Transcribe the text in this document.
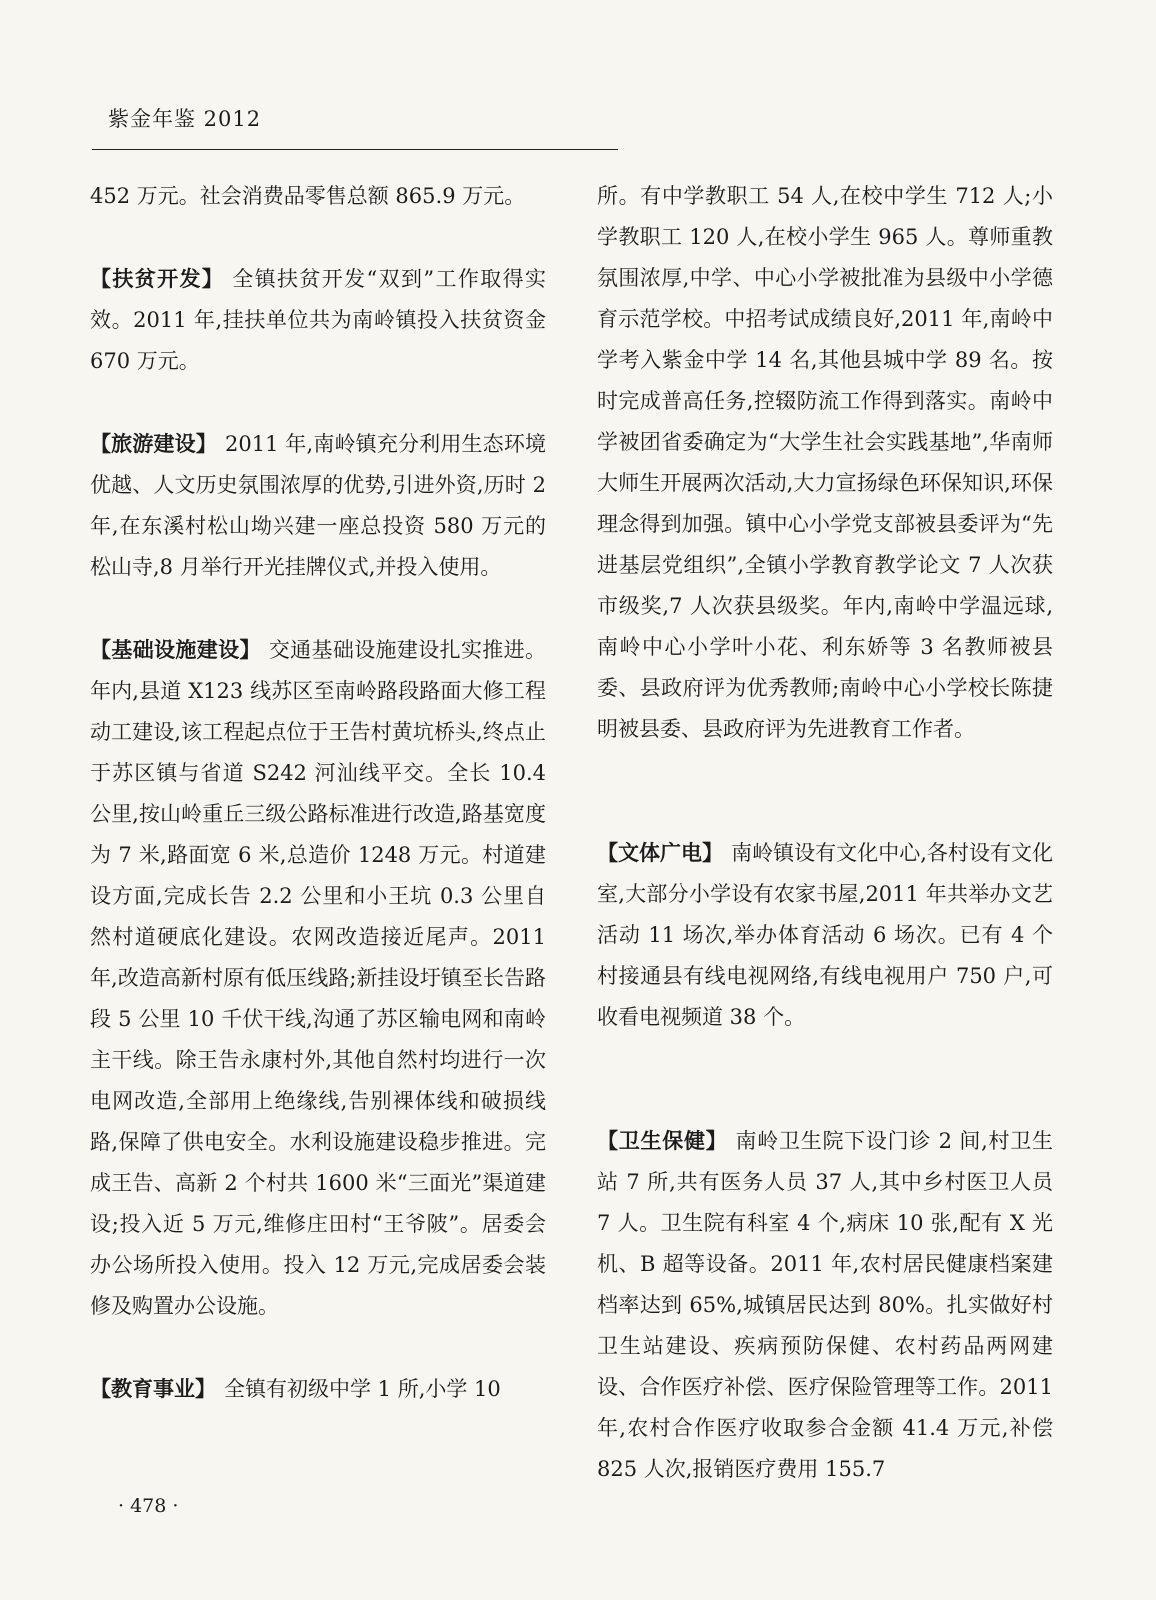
紫金年鉴 2012

452 万元。社会消费品零售总额 865.9 万元。

【扶贫开发】 全镇扶贫开发“双到”工作取得实效。2011 年,挂扶单位共为南岭镇投入扶贫资金 670 万元。

【旅游建设】 2011 年,南岭镇充分利用生态环境优越、人文历史氛围浓厚的优势,引进外资,历时 2 年,在东溪村松山坳兴建一座总投资 580 万元的松山寺,8 月举行开光挂牌仪式,并投入使用。

【基础设施建设】 交通基础设施建设扎实推进。年内,县道 X123 线苏区至南岭路段路面大修工程动工建设,该工程起点位于王告村黄坑桥头,终点止于苏区镇与省道 S242 河汕线平交。全长 10.4 公里,按山岭重丘三级公路标准进行改造,路基宽度为 7 米,路面宽 6 米,总造价 1248 万元。村道建设方面,完成长告 2.2 公里和小王坑 0.3 公里自然村道硬底化建设。农网改造接近尾声。2011 年,改造高新村原有低压线路;新挂设圩镇至长告路段 5 公里 10 千伏干线,沟通了苏区输电网和南岭主干线。除王告永康村外,其他自然村均进行一次电网改造,全部用上绝缘线,告别裸体线和破损线路,保障了供电安全。水利设施建设稳步推进。完成王告、高新 2 个村共 1600 米“三面光”渠道建设;投入近 5 万元,维修庄田村“王爷陂”。居委会办公场所投入使用。投入 12 万元,完成居委会装修及购置办公设施。

【教育事业】 全镇有初级中学 1 所,小学 10

所。有中学教职工 54 人,在校中学生 712 人;小学教职工 120 人,在校小学生 965 人。尊师重教氛围浓厚,中学、中心小学被批准为县级中小学德育示范学校。中招考试成绩良好,2011 年,南岭中学考入紫金中学 14 名,其他县城中学 89 名。按时完成普高任务,控辍防流工作得到落实。南岭中学被团省委确定为“大学生社会实践基地”,华南师大师生开展两次活动,大力宣扬绿色环保知识,环保理念得到加强。镇中心小学党支部被县委评为“先进基层党组织”,全镇小学教育教学论文 7 人次获市级奖,7 人次获县级奖。年内,南岭中学温远球,南岭中心小学叶小花、利东娇等 3 名教师被县委、县政府评为优秀教师;南岭中心小学校长陈捷明被县委、县政府评为先进教育工作者。

【文体广电】 南岭镇设有文化中心,各村设有文化室,大部分小学设有农家书屋,2011 年共举办文艺活动 11 场次,举办体育活动 6 场次。已有 4 个村接通县有线电视网络,有线电视用户 750 户,可收看电视频道 38 个。

【卫生保健】 南岭卫生院下设门诊 2 间,村卫生站 7 所,共有医务人员 37 人,其中乡村医卫人员 7 人。卫生院有科室 4 个,病床 10 张,配有 X 光机、B 超等设备。2011 年,农村居民健康档案建档率达到 65%,城镇居民达到 80%。扎实做好村卫生站建设、疾病预防保健、农村药品两网建设、合作医疗补偿、医疗保险管理等工作。2011 年,农村合作医疗收取参合金额 41.4 万元,补偿 825 人次,报销医疗费用 155.7

· 478 ·
